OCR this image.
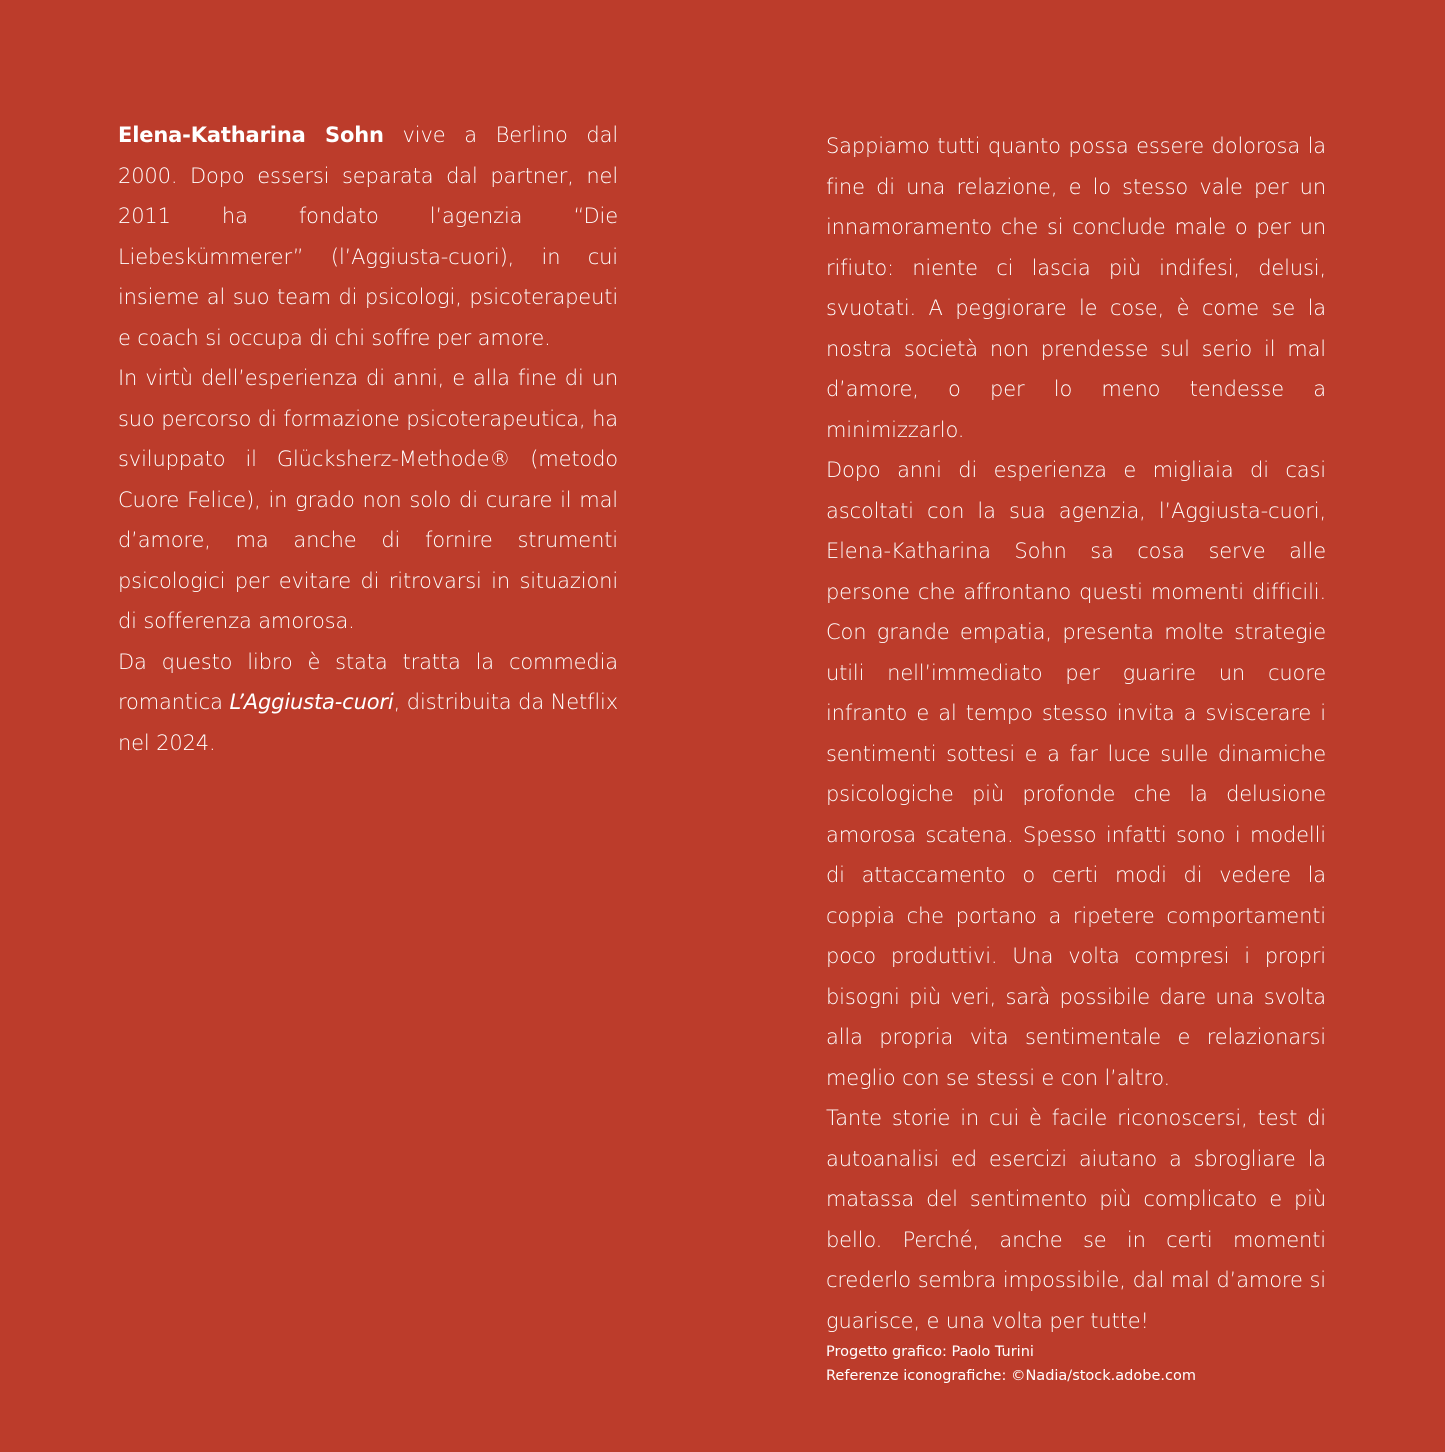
Elena-Katharina Sohn vive a Berlino dal 2000. Dopo essersi separata dal partner, nel 2011 ha fondato l’agenzia “Die Liebeskümmerer” (l’Aggiusta-cuori), in cui insieme al suo team di psicologi, psicoterapeuti e coach si occupa di chi soffre per amore.

In virtù dell’esperienza di anni, e alla fine di un suo percorso di formazione psicoterapeutica, ha sviluppato il Glücksherz-Methode® (metodo Cuore Felice), in grado non solo di curare il mal d’amore, ma anche di fornire strumenti psicologici per evitare di ritrovarsi in situazioni di sofferenza amorosa.

Da questo libro è stata tratta la commedia romantica L’Aggiusta-cuori, distribuita da Netflix nel 2024.

Sappiamo tutti quanto possa essere dolorosa la fine di una relazione, e lo stesso vale per un innamoramento che si conclude male o per un rifiuto: niente ci lascia più indifesi, delusi, svuotati. A peggiorare le cose, è come se la nostra società non prendesse sul serio il mal d’amore, o per lo meno tendesse a minimizzarlo.

Dopo anni di esperienza e migliaia di casi ascoltati con la sua agenzia, l’Aggiusta-cuori, Elena-Katharina Sohn sa cosa serve alle persone che affrontano questi momenti difficili. Con grande empatia, presenta molte strategie utili nell’immediato per guarire un cuore infranto e al tempo stesso invita a sviscerare i sentimenti sottesi e a far luce sulle dinamiche psicologiche più profonde che la delusione amorosa scatena. Spesso infatti sono i modelli di attaccamento o certi modi di vedere la coppia che portano a ripetere comportamenti poco produttivi. Una volta compresi i propri bisogni più veri, sarà possibile dare una svolta alla propria vita sentimentale e relazionarsi meglio con se stessi e con l’altro.

Tante storie in cui è facile riconoscersi, test di autoanalisi ed esercizi aiutano a sbrogliare la matassa del sentimento più complicato e più bello. Perché, anche se in certi momenti crederlo sembra impossibile, dal mal d’amore si guarisce, e una volta per tutte!

Progetto grafico: Paolo Turini
Referenze iconografiche: ©Nadia/stock.adobe.com
